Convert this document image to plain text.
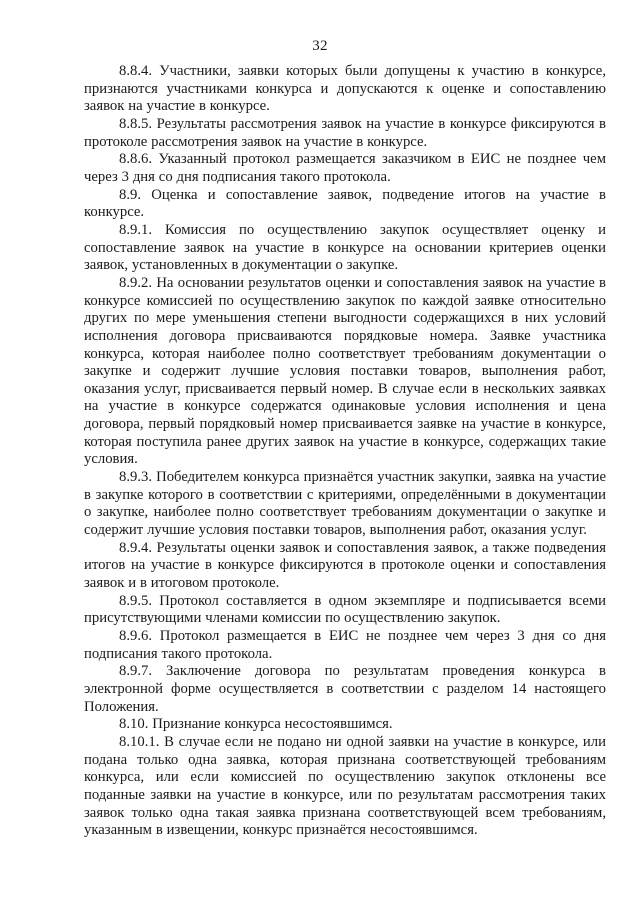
32

8.8.4. Участники, заявки которых были допущены к участию в конкурсе, признаются участниками конкурса и допускаются к оценке и сопоставлению заявок на участие в конкурсе.

8.8.5. Результаты рассмотрения заявок на участие в конкурсе фиксируются в протоколе рассмотрения заявок на участие в конкурсе.

8.8.6. Указанный протокол размещается заказчиком в ЕИС не позднее чем через 3 дня со дня подписания такого протокола.

8.9. Оценка и сопоставление заявок, подведение итогов на участие в конкурсе.

8.9.1. Комиссия по осуществлению закупок осуществляет оценку и сопоставление заявок на участие в конкурсе на основании критериев оценки заявок, установленных в документации о закупке.

8.9.2. На основании результатов оценки и сопоставления заявок на участие в конкурсе комиссией по осуществлению закупок по каждой заявке относительно других по мере уменьшения степени выгодности содержащихся в них условий исполнения договора присваиваются порядковые номера. Заявке участника конкурса, которая наиболее полно соответствует требованиям документации о закупке и содержит лучшие условия поставки товаров, выполнения работ, оказания услуг, присваивается первый номер. В случае если в нескольких заявках на участие в конкурсе содержатся одинаковые условия исполнения и цена договора, первый порядковый номер присваивается заявке на участие в конкурсе, которая поступила ранее других заявок на участие в конкурсе, содержащих такие условия.

8.9.3. Победителем конкурса признаётся участник закупки, заявка на участие в закупке которого в соответствии с критериями, определёнными в документации о закупке, наиболее полно соответствует требованиям документации о закупке и содержит лучшие условия поставки товаров, выполнения работ, оказания услуг.

8.9.4. Результаты оценки заявок и сопоставления заявок, а также подведения итогов на участие в конкурсе фиксируются в протоколе оценки и сопоставления заявок и в итоговом протоколе.

8.9.5. Протокол составляется в одном экземпляре и подписывается всеми присутствующими членами комиссии по осуществлению закупок.

8.9.6. Протокол размещается в ЕИС не позднее чем через 3 дня со дня подписания такого протокола.

8.9.7. Заключение договора по результатам проведения конкурса в электронной форме осуществляется в соответствии с разделом 14 настоящего Положения.

8.10. Признание конкурса несостоявшимся.

8.10.1. В случае если не подано ни одной заявки на участие в конкурсе, или подана только одна заявка, которая признана соответствующей требованиям конкурса, или если комиссией по осуществлению закупок отклонены все поданные заявки на участие в конкурсе, или по результатам рассмотрения таких заявок только одна такая заявка признана соответствующей всем требованиям, указанным в извещении, конкурс признаётся несостоявшимся.
